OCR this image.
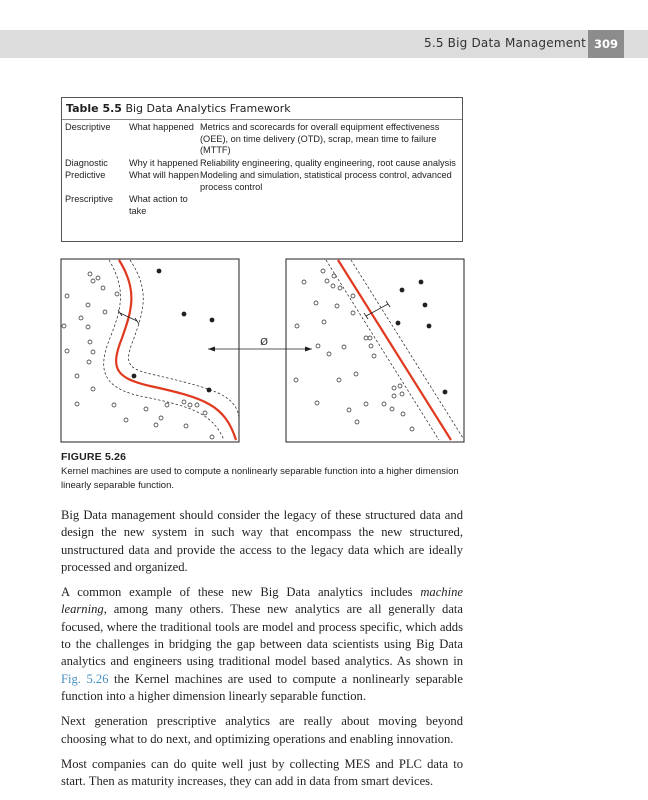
5.5 Big Data Management 309
Table 5.5 Big Data Analytics Framework
Descriptive	What happened	Metrics and scorecards for overall equipment effectiveness (OEE), on time delivery (OTD), scrap, mean time to failure (MTTF)
Diagnostic	Why it happened	Reliability engineering, quality engineering, root cause analysis
Predictive	What will happen	Modeling and simulation, statistical process control, advanced process control
Prescriptive	What action to take	
Ø
FIGURE 5.26
Kernel machines are used to compute a nonlinearly separable function into a higher dimension linearly separable function.

Big Data management should consider the legacy of these structured data and design the new system in such way that encompass the new structured, unstructured data and provide the access to the legacy data which are ideally processed and organized.

A common example of these new Big Data analytics includes machine learning, among many others. These new analytics are all generally data focused, where the traditional tools are model and process specific, which adds to the challenges in bridging the gap between data scientists using Big Data analytics and engineers using traditional model based analytics. As shown in Fig. 5.26 the Kernel machines are used to compute a nonlinearly separable function into a higher dimension linearly separable function.

Next generation prescriptive analytics are really about moving beyond choosing what to do next, and optimizing operations and enabling innovation.

Most companies can do quite well just by collecting MES and PLC data to start. Then as maturity increases, they can add in data from smart devices.
